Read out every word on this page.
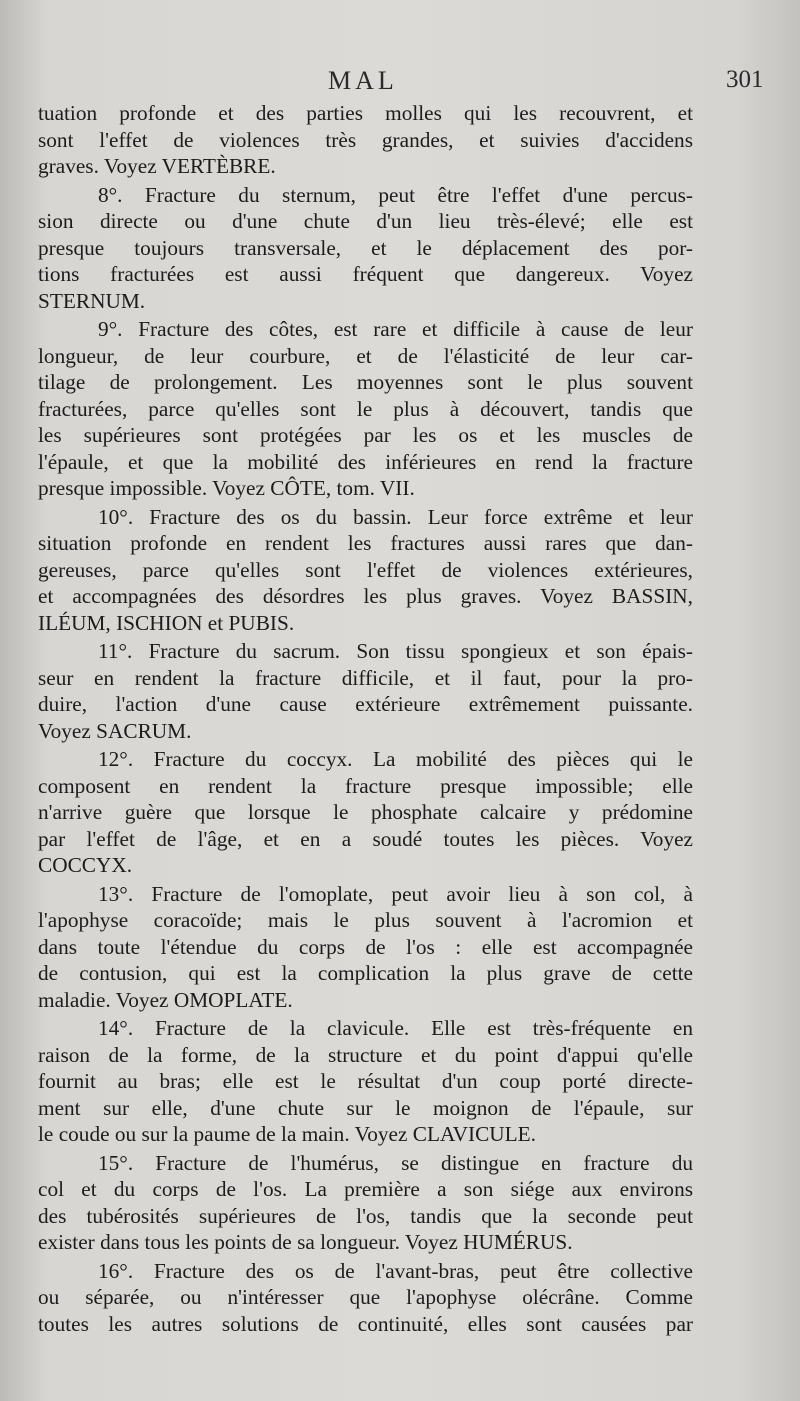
MAL	301
tuation profonde et des parties molles qui les recouvrent, et
sont l'effet de violences très grandes, et suivies d'accidens
graves. Voyez VERTÈBRE.
8°. Fracture du sternum, peut être l'effet d'une percus-
sion directe ou d'une chute d'un lieu très-élevé; elle est
presque toujours transversale, et le déplacement des por-
tions fracturées est aussi fréquent que dangereux. Voyez
STERNUM.
9°. Fracture des côtes, est rare et difficile à cause de leur
longueur, de leur courbure, et de l'élasticité de leur car-
tilage de prolongement. Les moyennes sont le plus souvent
fracturées, parce qu'elles sont le plus à découvert, tandis que
les supérieures sont protégées par les os et les muscles de
l'épaule, et que la mobilité des inférieures en rend la fracture
presque impossible. Voyez CÔTE, tom. VII.
10°. Fracture des os du bassin. Leur force extrême et leur
situation profonde en rendent les fractures aussi rares que dan-
gereuses, parce qu'elles sont l'effet de violences extérieures,
et accompagnées des désordres les plus graves. Voyez BASSIN,
ILÉUM, ISCHION et PUBIS.
11°. Fracture du sacrum. Son tissu spongieux et son épais-
seur en rendent la fracture difficile, et il faut, pour la pro-
duire, l'action d'une cause extérieure extrêmement puissante.
Voyez SACRUM.
12°. Fracture du coccyx. La mobilité des pièces qui le
composent en rendent la fracture presque impossible; elle
n'arrive guère que lorsque le phosphate calcaire y prédomine
par l'effet de l'âge, et en a soudé toutes les pièces. Voyez
COCCYX.
13°. Fracture de l'omoplate, peut avoir lieu à son col, à
l'apophyse coracoïde; mais le plus souvent à l'acromion et
dans toute l'étendue du corps de l'os : elle est accompagnée
de contusion, qui est la complication la plus grave de cette
maladie. Voyez OMOPLATE.
14°. Fracture de la clavicule. Elle est très-fréquente en
raison de la forme, de la structure et du point d'appui qu'elle
fournit au bras; elle est le résultat d'un coup porté directe-
ment sur elle, d'une chute sur le moignon de l'épaule, sur
le coude ou sur la paume de la main. Voyez CLAVICULE.
15°. Fracture de l'humérus, se distingue en fracture du
col et du corps de l'os. La première a son siége aux environs
des tubérosités supérieures de l'os, tandis que la seconde peut
exister dans tous les points de sa longueur. Voyez HUMÉRUS.
16°. Fracture des os de l'avant-bras, peut être collective
ou séparée, ou n'intéresser que l'apophyse olécrâne. Comme
toutes les autres solutions de continuité, elles sont causées par
